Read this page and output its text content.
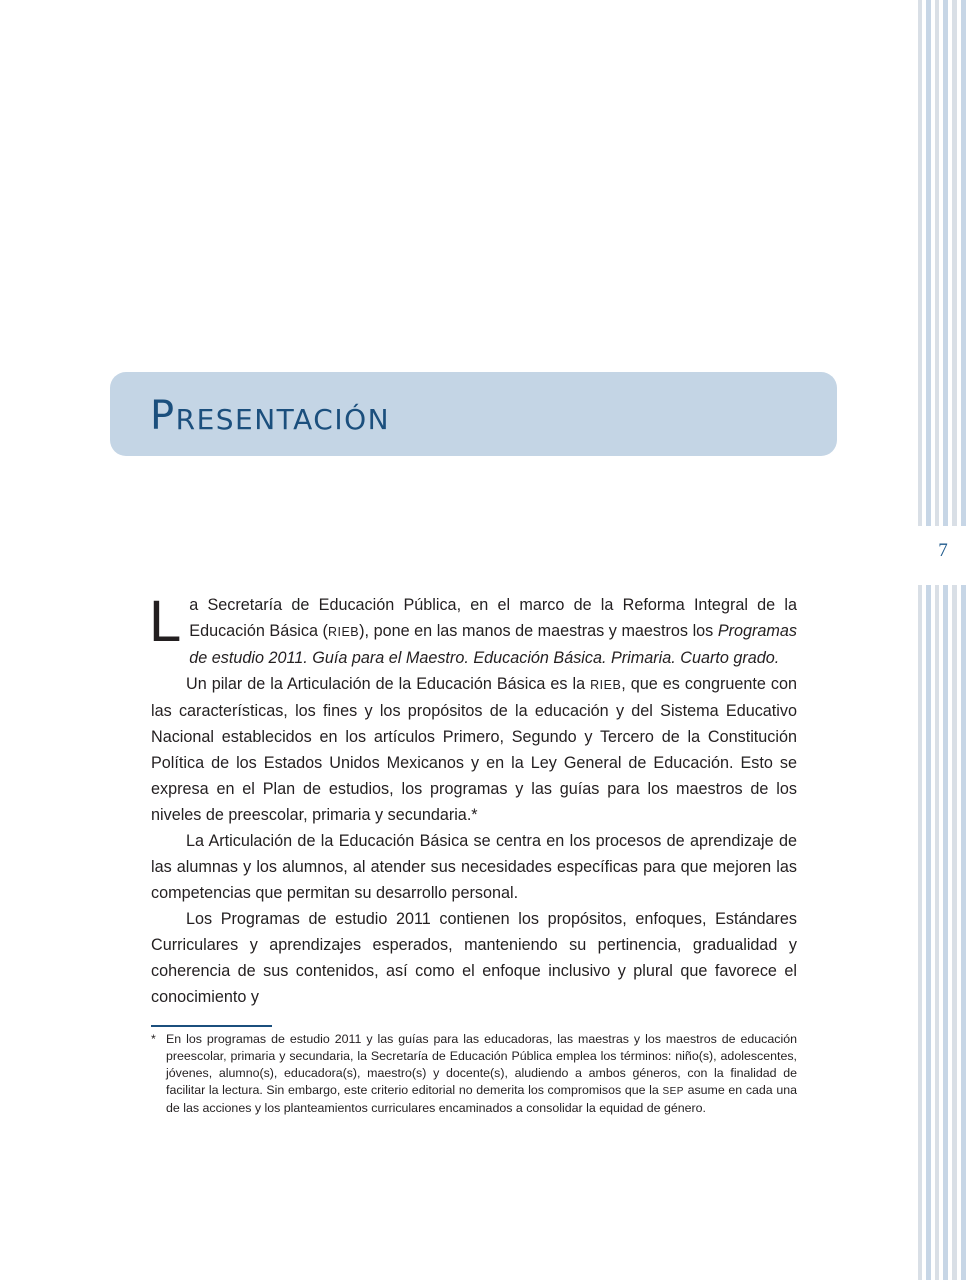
7
Presentación

La Secretaría de Educación Pública, en el marco de la Reforma Integral de la Educación Básica (RIEB), pone en las manos de maestras y maestros los Programas de estudio 2011. Guía para el Maestro. Educación Básica. Primaria. Cuarto grado.

Un pilar de la Articulación de la Educación Básica es la RIEB, que es congruente con las características, los fines y los propósitos de la educación y del Sistema Educativo Nacional establecidos en los artículos Primero, Segundo y Tercero de la Constitución Política de los Estados Unidos Mexicanos y en la Ley General de Educación. Esto se expresa en el Plan de estudios, los programas y las guías para los maestros de los niveles de preescolar, primaria y secundaria.*

La Articulación de la Educación Básica se centra en los procesos de aprendizaje de las alumnas y los alumnos, al atender sus necesidades específicas para que mejoren las competencias que permitan su desarrollo personal.

Los Programas de estudio 2011 contienen los propósitos, enfoques, Estándares Curriculares y aprendizajes esperados, manteniendo su pertinencia, gradualidad y coherencia de sus contenidos, así como el enfoque inclusivo y plural que favorece el conocimiento y

* En los programas de estudio 2011 y las guías para las educadoras, las maestras y los maestros de educación preescolar, primaria y secundaria, la Secretaría de Educación Pública emplea los términos: niño(s), adolescentes, jóvenes, alumno(s), educadora(s), maestro(s) y docente(s), aludiendo a ambos géneros, con la finalidad de facilitar la lectura. Sin embargo, este criterio editorial no demerita los compromisos que la SEP asume en cada una de las acciones y los planteamientos curriculares encaminados a consolidar la equidad de género.
